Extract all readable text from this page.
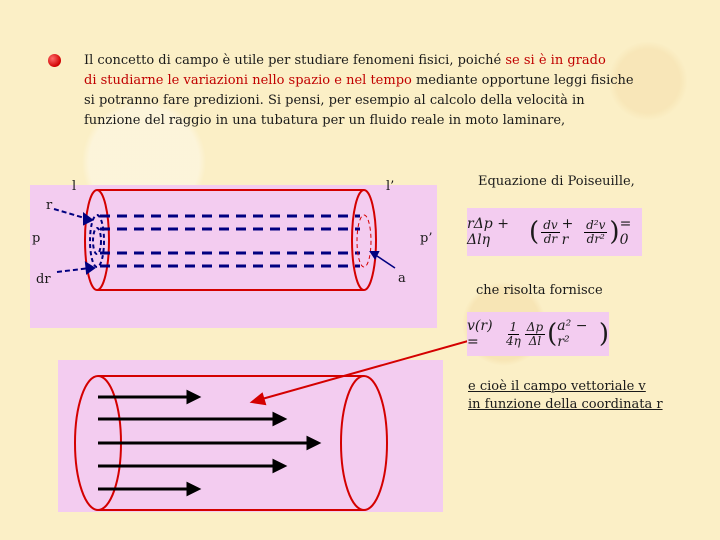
Il concetto di campo è utile per studiare fenomeni fisici, poiché se si è in grado
di studiarne le variazioni nello spazio e nel tempo mediante opportune leggi fisiche
si potranno fare predizioni. Si pensi, per esempio al calcolo della velocità in
funzione del raggio in una tubatura per un fluido reale in moto laminare,

l	l’
r
p	p’
dr	a
Equazione di Poiseuille,
rΔp + Δlη	( $\frac{dv}{dr} + r$	$\frac{\text{d²v}}{\text{dr²}}$ ) = 0
che risolta fornisce
v(r) =	$\frac{1}{4\eta} \frac{\Delta p}{\Delta l}$ ( a² − r²	)
e cioè il campo vettoriale v
in funzione della coordinata r
